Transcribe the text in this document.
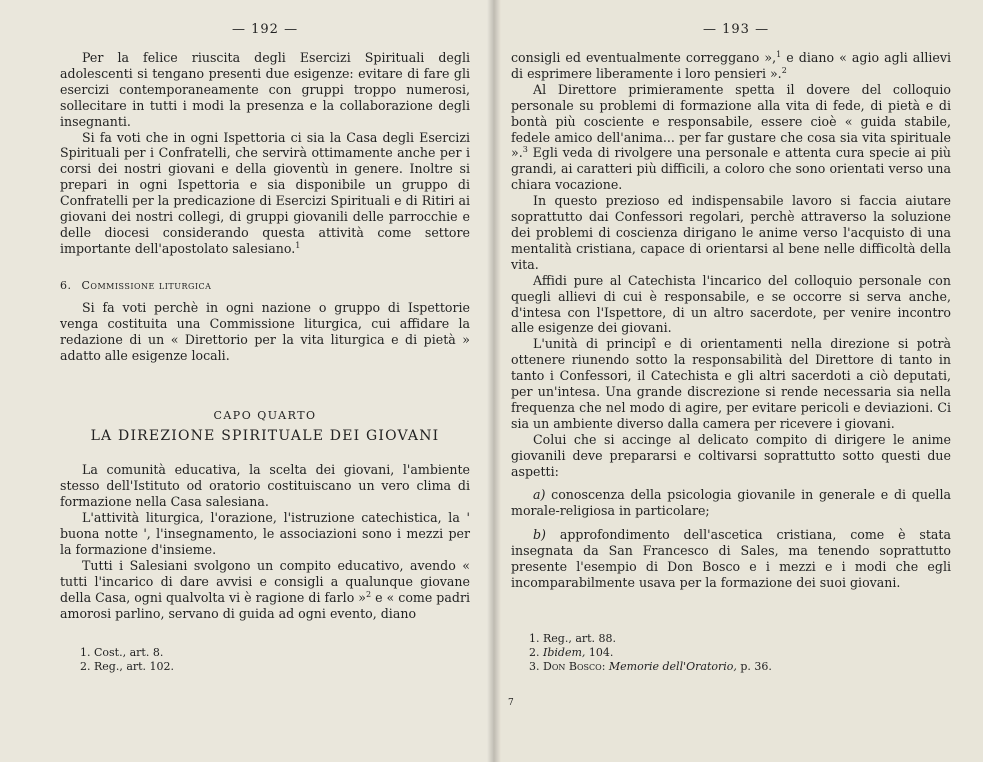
— 192 —

Per la felice riuscita degli Esercizi Spirituali degli adolescenti si tengano presenti due esigenze: evitare di fare gli esercizi contemporaneamente con gruppi troppo numerosi, sollecitare in tutti i modi la presenza e la collaborazione degli insegnanti.

Si fa voti che in ogni Ispettoria ci sia la Casa degli Esercizi Spirituali per i Confratelli, che servirà ottimamente anche per i corsi dei nostri giovani e della gioventù in genere. Inoltre si prepari in ogni Ispettoria e sia disponibile un gruppo di Confratelli per la predicazione di Esercizi Spirituali e di Ritiri ai giovani dei nostri collegi, di gruppi giovanili delle parrocchie e delle diocesi considerando questa attività come settore importante dell'apostolato salesiano.$^1$

6. Commissione liturgica

Si fa voti perchè in ogni nazione o gruppo di Ispettorie venga costituita una Commissione liturgica, cui affidare la redazione di un « Direttorio per la vita liturgica e di pietà » adatto alle esigenze locali.

CAPO QUARTO
LA DIREZIONE SPIRITUALE DEI GIOVANI

La comunità educativa, la scelta dei giovani, l'ambiente stesso dell'Istituto od oratorio costituiscano un vero clima di formazione nella Casa salesiana.

L'attività liturgica, l'orazione, l'istruzione catechistica, la ' buona notte ', l'insegnamento, le associazioni sono i mezzi per la formazione d'insieme.

Tutti i Salesiani svolgono un compito educativo, avendo « tutti l'incarico di dare avvisi e consigli a qualunque giovane della Casa, ogni qualvolta vi è ragione di farlo »$^2$ e « come padri amorosi parlino, servano di guida ad ogni evento, diano

1. Cost., art. 8.
2. Reg., art. 102.
— 193 —

consigli ed eventualmente correggano »,$^1$ e diano « agio agli allievi di esprimere liberamente i loro pensieri ».$^2$

Al Direttore primieramente spetta il dovere del colloquio personale su problemi di formazione alla vita di fede, di pietà e di bontà più cosciente e responsabile, essere cioè « guida stabile, fedele amico dell'anima... per far gustare che cosa sia vita spirituale ».$^3$ Egli veda di rivolgere una personale e attenta cura specie ai più grandi, ai caratteri più difficili, a coloro che sono orientati verso una chiara vocazione.

In questo prezioso ed indispensabile lavoro si faccia aiutare soprattutto dai Confessori regolari, perchè attraverso la soluzione dei problemi di coscienza dirigano le anime verso l'acquisto di una mentalità cristiana, capace di orientarsi al bene nelle difficoltà della vita.

Affidi pure al Catechista l'incarico del colloquio personale con quegli allievi di cui è responsabile, e se occorre si serva anche, d'intesa con l'Ispettore, di un altro sacerdote, per venire incontro alle esigenze dei giovani.

L'unità di principî e di orientamenti nella direzione si potrà ottenere riunendo sotto la responsabilità del Direttore di tanto in tanto i Confessori, il Catechista e gli altri sacerdoti a ciò deputati, per un'intesa. Una grande discrezione si rende necessaria sia nella frequenza che nel modo di agire, per evitare pericoli e deviazioni. Ci sia un ambiente diverso dalla camera per ricevere i giovani.

Colui che si accinge al delicato compito di dirigere le anime giovanili deve prepararsi e coltivarsi soprattutto sotto questi due aspetti:

a) conoscenza della psicologia giovanile in generale e di quella morale-religiosa in particolare;

b) approfondimento dell'ascetica cristiana, come è stata insegnata da San Francesco di Sales, ma tenendo soprattutto presente l'esempio di Don Bosco e i mezzi e i modi che egli incomparabilmente usava per la formazione dei suoi giovani.

1. Reg., art. 88.
2. Ibidem, 104.
3. Don Bosco: Memorie dell'Oratorio, p. 36.
7
